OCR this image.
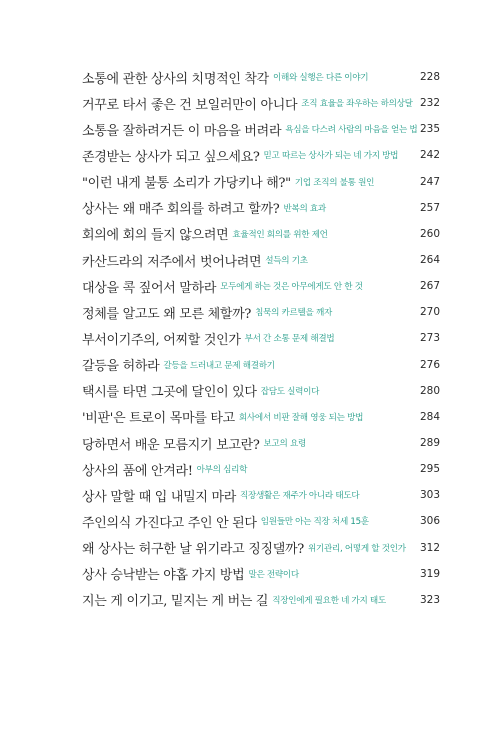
소통에 관한 상사의 치명적인 착각 이해와 실행은 다른 이야기	228
거꾸로 타서 좋은 건 보일러만이 아니다 조직 효율을 좌우하는 하의상달 232
소통을 잘하려거든 이 마음을 버려라 욕심을 다스려 사람의 마음을 얻는 법 235
존경받는 상사가 되고 싶으세요? 믿고 따르는 상사가 되는 네 가지 방법 242
"이런 내게 불통 소리가 가당키나 해?" 기업 조직의 불통 원인	247
상사는 왜 매주 회의를 하려고 할까? 반복의 효과	257
회의에 회의 들지 않으려면 효율적인 회의를 위한 제언	260
카산드라의 저주에서 벗어나려면 설득의 기초	264
대상을 콕 짚어서 말하라 모두에게 하는 것은 아무에게도 안 한 것	267
정체를 알고도 왜 모른 체할까? 침묵의 카르텔을 깨자	270
부서이기주의, 어찌할 것인가 부서 간 소통 문제 해결법	273
갈등을 허하라 갈등을 드러내고 문제 해결하기	276
택시를 타면 그곳에 달인이 있다 잡담도 실력이다	280
'비판'은 트로이 목마를 타고 회사에서 비판 잘해 영웅 되는 방법	284
당하면서 배운 모름지기 보고란? 보고의 요령	289
상사의 품에 안겨라! 아부의 심리학	295
상사 말할 때 입 내밀지 마라 직장생활은 재주가 아니라 태도다	303
주인의식 가진다고 주인 안 된다 임원들만 아는 직장 처세 15훈	306
왜 상사는 허구한 날 위기라고 징징댈까? 위기관리, 어떻게 할 것인가 312
상사 승낙받는 야홉 가지 방법 말은 전략이다	319
지는 게 이기고, 밑지는 게 버는 길 직장인에게 필요한 네 가지 태도	323
